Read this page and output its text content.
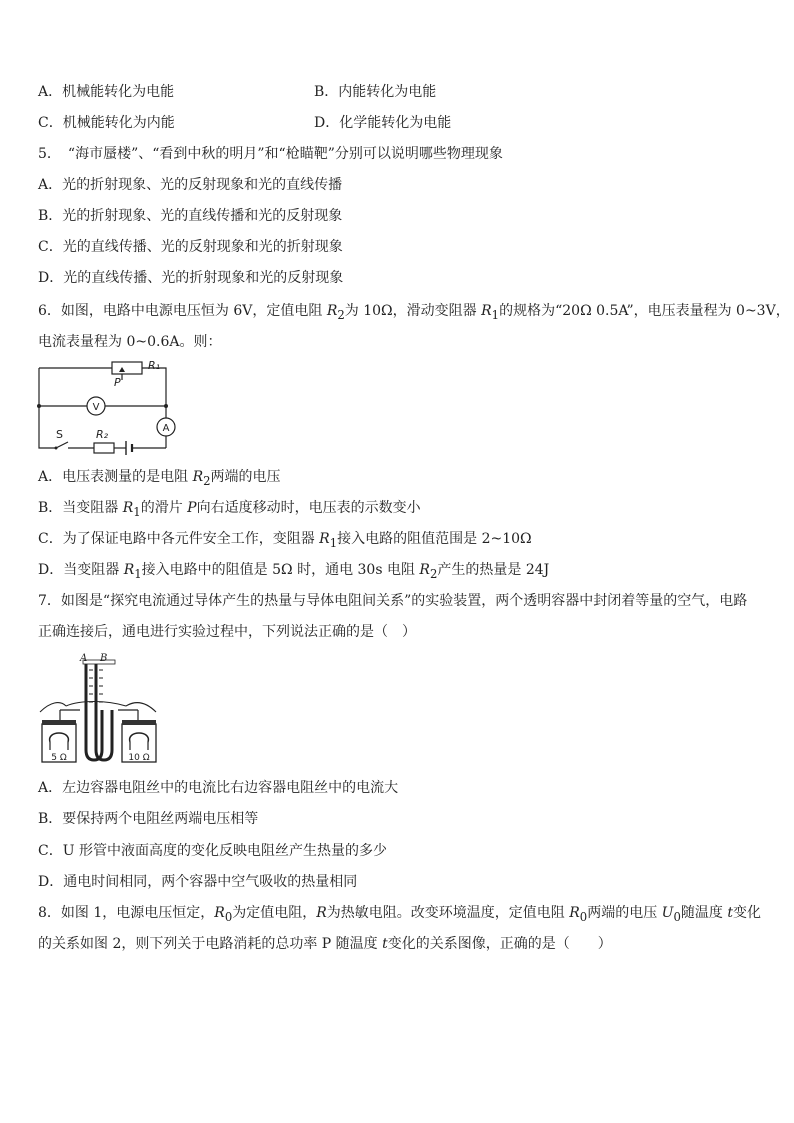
A．机械能转化为电能	B．内能转化为电能
C．机械能转化为内能	D．化学能转化为电能
5．　“海市蜃楼”、“看到中秋的明月”和“枪瞄靶”分别可以说明哪些物理现象
A．光的折射现象、光的反射现象和光的直线传播
B．光的折射现象、光的直线传播和光的反射现象
C．光的直线传播、光的反射现象和光的折射现象
D．光的直线传播、光的折射现象和光的反射现象
6．如图，电路中电源电压恒为 6V，定值电阻 $R_2$为 10Ω，滑动变阻器 $R_1$的规格为“20Ω 0.5A”，电压表量程为 0~3V，
电流表量程为 0~0.6A。则：
P
R₁
S	R₂
V
A
A．电压表测量的是电阻 $R_2$两端的电压
B．当变阻器 $R_1$的滑片 P向右适度移动时，电压表的示数变小
C．为了保证电路中各元件安全工作，变阻器 $R_1$接入电路的阻值范围是 2~10Ω
D．当变阻器 $R_1$接入电路中的阻值是 5Ω 时，通电 30s 电阻 $R_2$产生的热量是 24J
7．如图是“探究电流通过导体产生的热量与导体电阻间关系”的实验装置，两个透明容器中封闭着等量的空气，电路
正确连接后，通电进行实验过程中，下列说法正确的是（　）
A B
5 Ω	10 Ω
A．左边容器电阻丝中的电流比右边容器电阻丝中的电流大
B．要保持两个电阻丝两端电压相等
C．U 形管中液面高度的变化反映电阻丝产生热量的多少
D．通电时间相同，两个容器中空气吸收的热量相同
8．如图 1，电源电压恒定，$R_0$为定值电阻，R为热敏电阻。改变环境温度，定值电阻 $R_0$两端的电压 $U_0$随温度 t变化
的关系如图 2，则下列关于电路消耗的总功率 P 随温度 t变化的关系图像，正确的是（　　）
